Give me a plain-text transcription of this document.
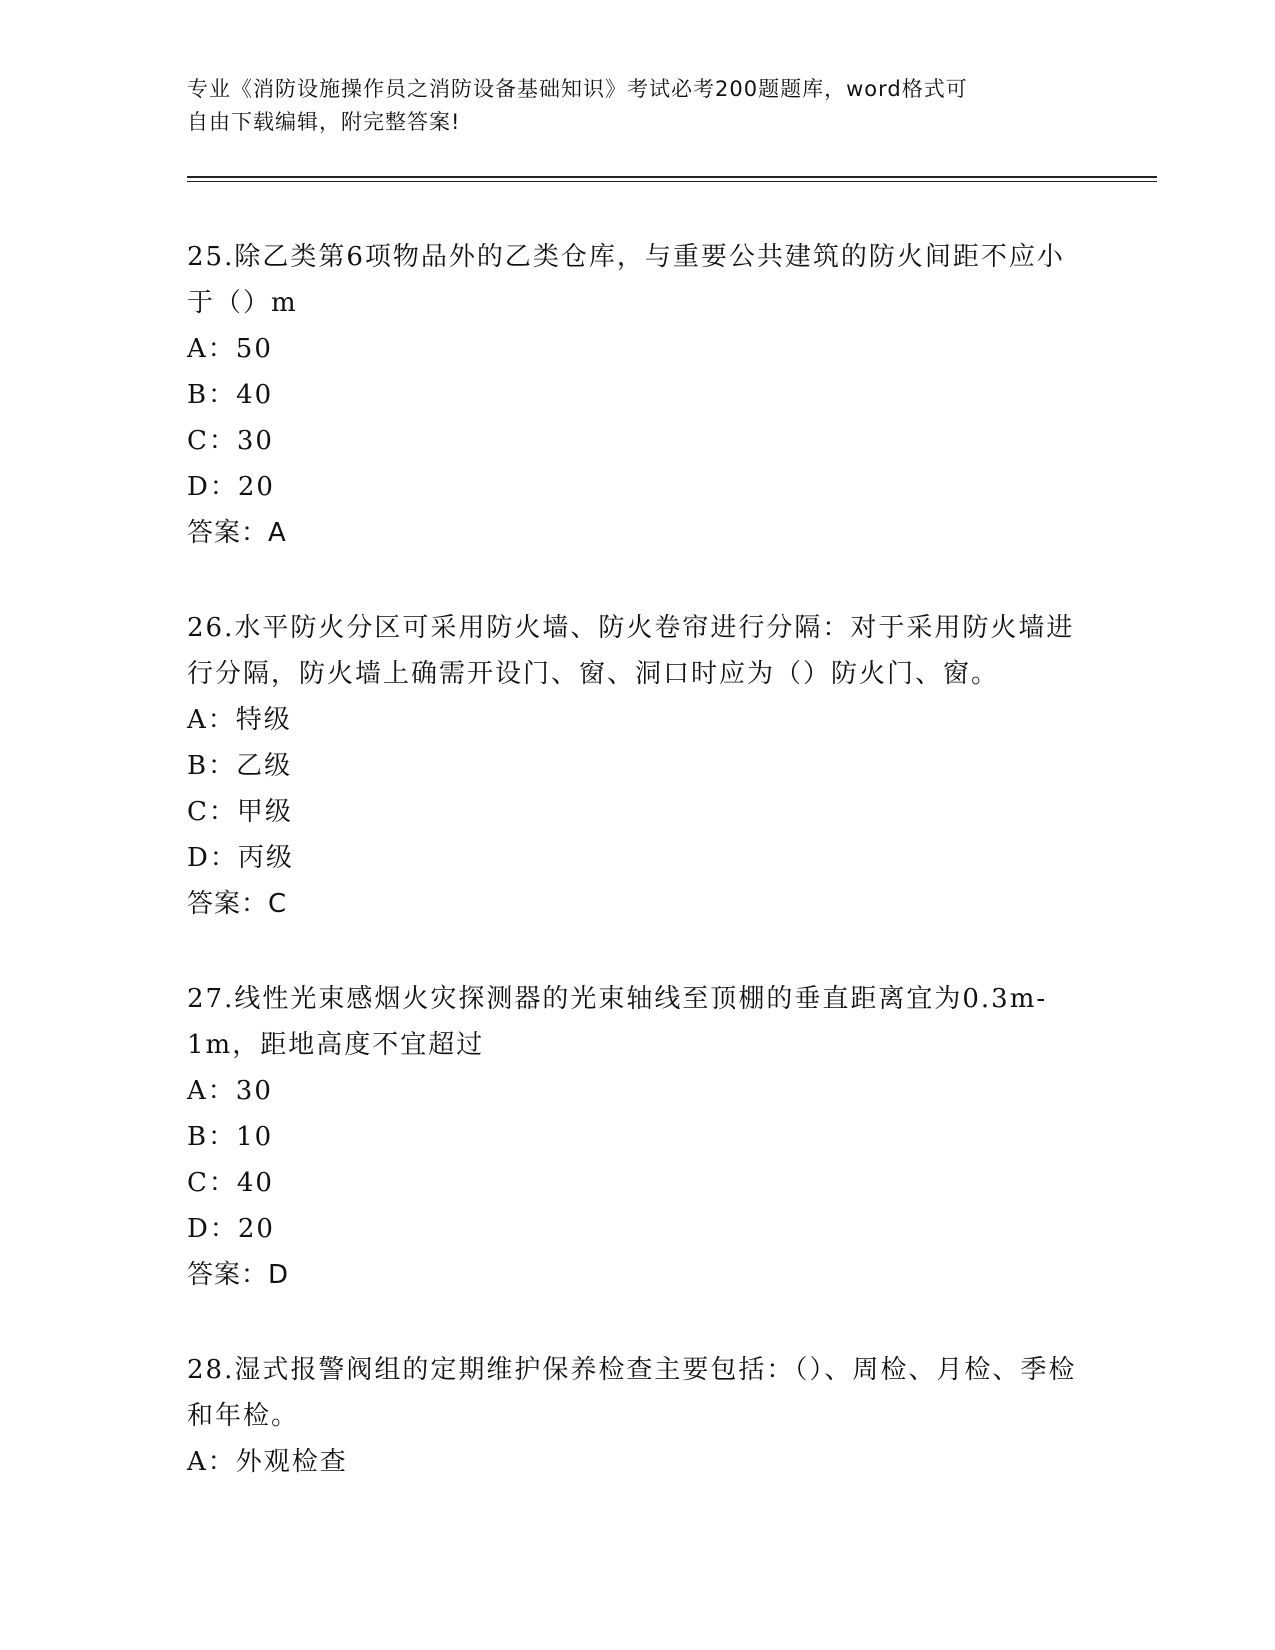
专业《消防设施操作员之消防设备基础知识》考试必考200题题库，word格式可
自由下载编辑，附完整答案!

25.除乙类第6项物品外的乙类仓库，与重要公共建筑的防火间距不应小于（）m

A：50

B：40

C：30

D：20

答案：A

26.水平防火分区可采用防火墙、防火卷帘进行分隔：对于采用防火墙进行分隔，防火墙上确需开设门、窗、洞口时应为（）防火门、窗。

A：特级

B：乙级

C：甲级

D：丙级

答案：C

27.线性光束感烟火灾探测器的光束轴线至顶棚的垂直距离宜为0.3m-1m，距地高度不宜超过

A：30

B：10

C：40

D：20

答案：D

28.湿式报警阀组的定期维护保养检查主要包括：（）、周检、月检、季检和年检。

A：外观检查
